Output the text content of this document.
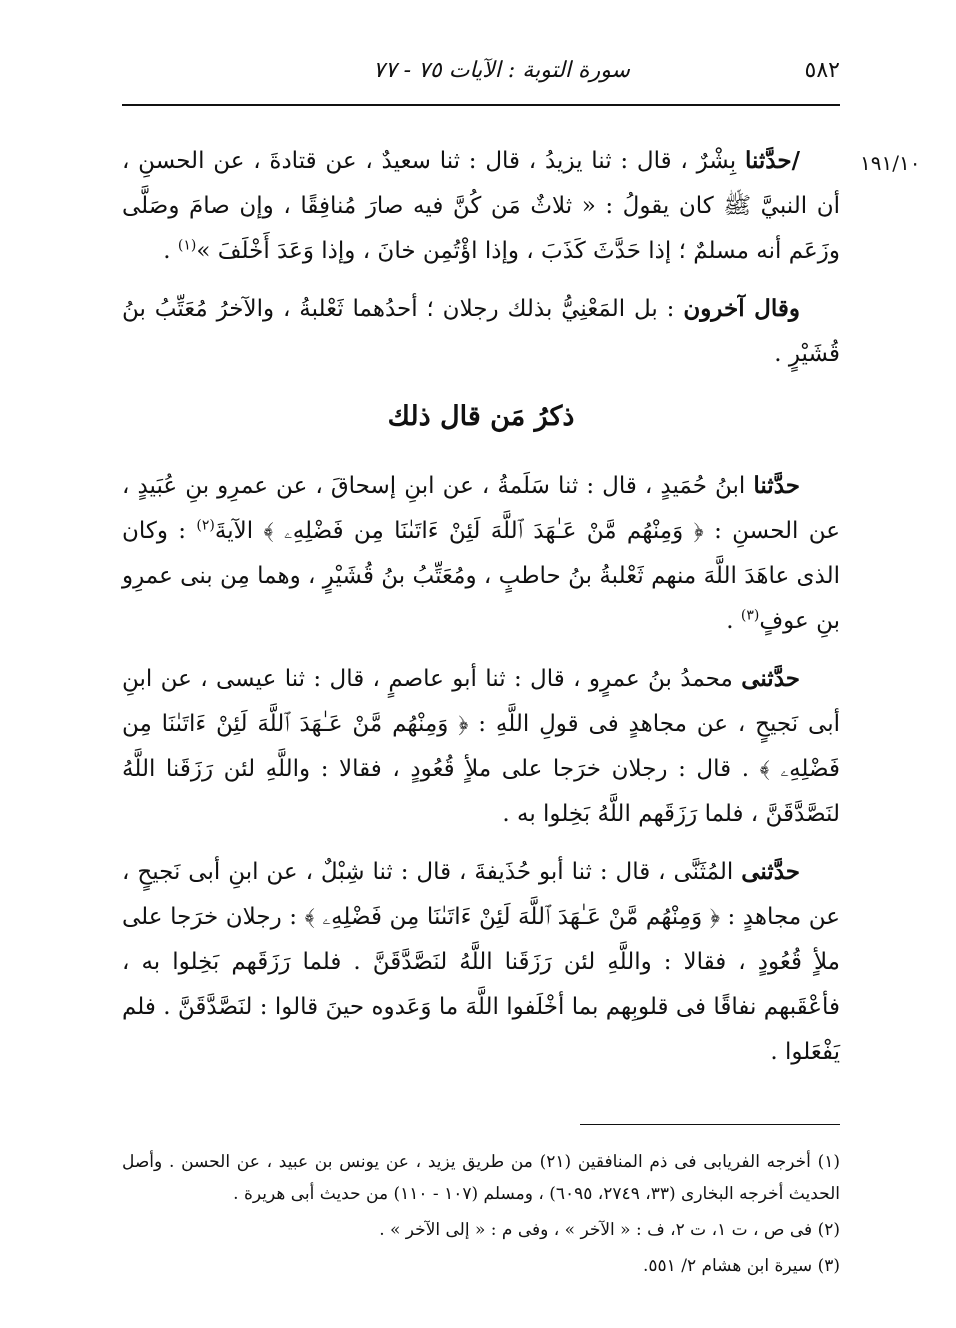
٥٨٢
سورة التوبة : الآيات ٧٥ - ٧٧
١٩١/١٠

/حدَّثنا بِشْرٌ ، قال : ثنا يزيدُ ، قال : ثنا سعيدٌ ، عن قتادةَ ، عن الحسنِ ، أن النبيَّ ﷺ كان يقولُ : « ثلاثٌ مَن كُنَّ فيه صارَ مُنافِقًا ، وإن صامَ وصَلَّى وزَعَم أنه مسلمٌ ؛ إذا حَدَّثَ كَذَبَ ، وإذا اؤْتُمِن خانَ ، وإذا وَعَدَ أَخْلَفَ »$^{(١)}$ .

وقال آخرون : بل المَعْنِيُّ بذلك رجلان ؛ أحدُهما ثَعْلبةُ ، والآخرُ مُعَتِّبُ بنُ قُشَيْرٍ .

ذكرُ مَن قال ذلك

حدَّثنا ابنُ حُمَيدٍ ، قال : ثنا سَلَمةُ ، عن ابنِ إسحاقَ ، عن عمرِو بنِ عُبَيدٍ ، عن الحسنِ : ﴿ وَمِنْهُم مَّنْ عَـٰهَدَ ٱللَّهَ لَئِنْ ءَاتَىٰنَا مِن فَضْلِهِۦ ﴾ الآيةَ$^{(٢)}$ : وكان الذى عاهَدَ اللَّهَ منهم ثَعْلبةُ بنُ حاطبٍ ، ومُعَتِّبُ بنُ قُشَيْرٍ ، وهما مِن بنى عمرِو بنِ عوفٍ$^{(٣)}$ .

حدَّثنى محمدُ بنُ عمرٍو ، قال : ثنا أبو عاصمٍ ، قال : ثنا عيسى ، عن ابنِ أبى نَجيحٍ ، عن مجاهدٍ فى قولِ اللَّهِ : ﴿ وَمِنْهُم مَّنْ عَـٰهَدَ ٱللَّهَ لَئِنْ ءَاتَىٰنَا مِن فَضْلِهِۦ ﴾ . قال : رجلان خرَجا على ملأٍ قُعُودٍ ، فقالا : واللَّهِ لئن رَزَقَنا اللَّهُ لنَصَّدَّقَنَّ ، فلما رَزَقَهم اللَّهُ بَخِلوا به .

حدَّثنى المُثَنَّى ، قال : ثنا أبو حُذَيفةَ ، قال : ثنا شِبْلٌ ، عن ابنِ أبى نَجيحٍ ، عن مجاهدٍ : ﴿ وَمِنْهُم مَّنْ عَـٰهَدَ ٱللَّهَ لَئِنْ ءَاتَىٰنَا مِن فَضْلِهِۦ ﴾ : رجلان خرَجا على ملأٍ قُعُودٍ ، فقالا : واللَّهِ لئن رَزَقَنا اللَّهُ لنَصَّدَّقَنَّ . فلما رَزَقَهم بَخِلوا به ، فأعْقَبهم نفاقًا فى قلوبِهم بما أخْلَفوا اللَّهَ ما وَعَدوه حينَ قالوا : لنَصَّدَّقَنَّ . فلم يَفْعَلوا .

(١) أخرجه الفريابى فى ذم المنافقين (٢١) من طريق يزيد ، عن يونس بن عبيد ، عن الحسن . وأصل الحديث أخرجه البخارى (٣٣، ٢٧٤٩، ٦٠٩٥) ، ومسلم (١٠٧ - ١١٠) من حديث أبى هريرة .

(٢) فى ص ، ت ١، ت ٢، ف : « الآخر » ، وفى م : « إلى الآخر » .

(٣) سيرة ابن هشام ٢/ ٥٥١.
